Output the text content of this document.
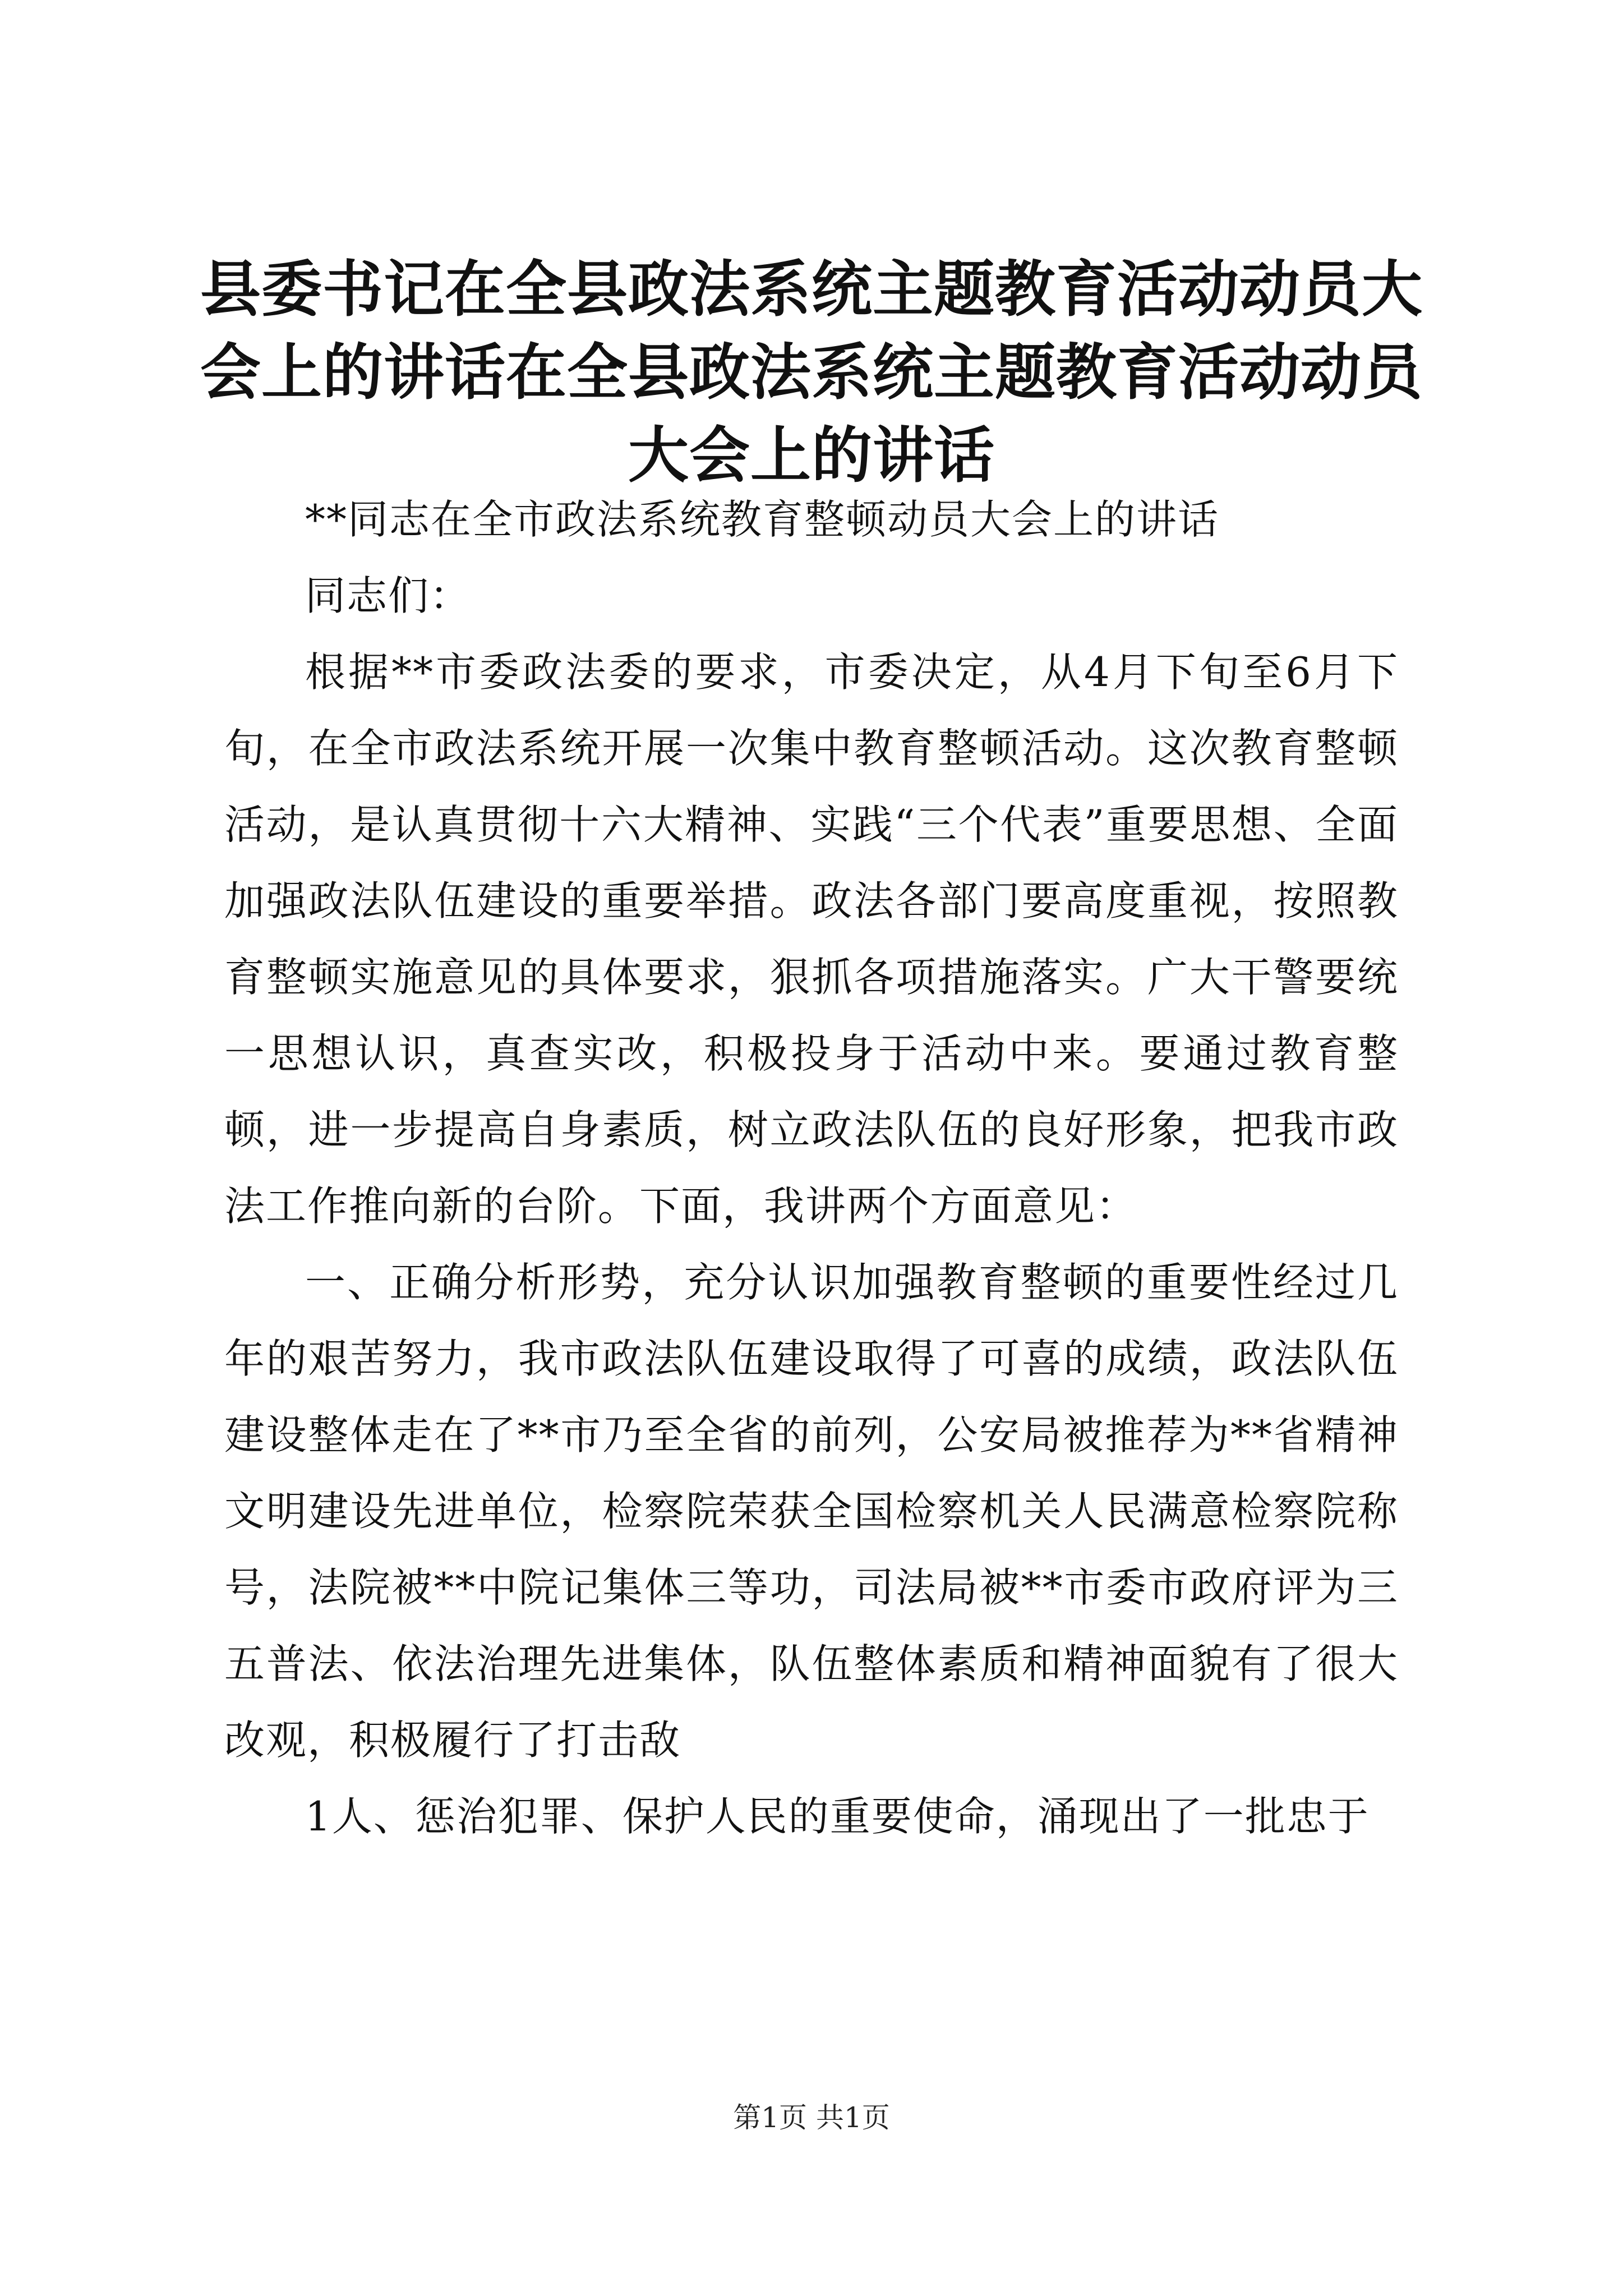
县委书记在全县政法系统主题教育活动动员大会上的讲话在全县政法系统主题教育活动动员大会上的讲话

**同志在全市政法系统教育整顿动员大会上的讲话

同志们：

根据**市委政法委的要求，市委决定，从4月下旬至6月下旬，在全市政法系统开展一次集中教育整顿活动。这次教育整顿活动，是认真贯彻十六大精神、实践“三个代表”重要思想、全面加强政法队伍建设的重要举措。政法各部门要高度重视，按照教育整顿实施意见的具体要求，狠抓各项措施落实。广大干警要统一思想认识，真查实改，积极投身于活动中来。要通过教育整顿，进一步提高自身素质，树立政法队伍的良好形象，把我市政法工作推向新的台阶。下面，我讲两个方面意见：

一、正确分析形势，充分认识加强教育整顿的重要性经过几年的艰苦努力，我市政法队伍建设取得了可喜的成绩，政法队伍建设整体走在了**市乃至全省的前列，公安局被推荐为**省精神文明建设先进单位，检察院荣获全国检察机关人民满意检察院称号，法院被**中院记集体三等功，司法局被**市委市政府评为三五普法、依法治理先进集体，队伍整体素质和精神面貌有了很大改观，积极履行了打击敌

1人、惩治犯罪、保护人民的重要使命，涌现出了一批忠于

第1页 共1页
